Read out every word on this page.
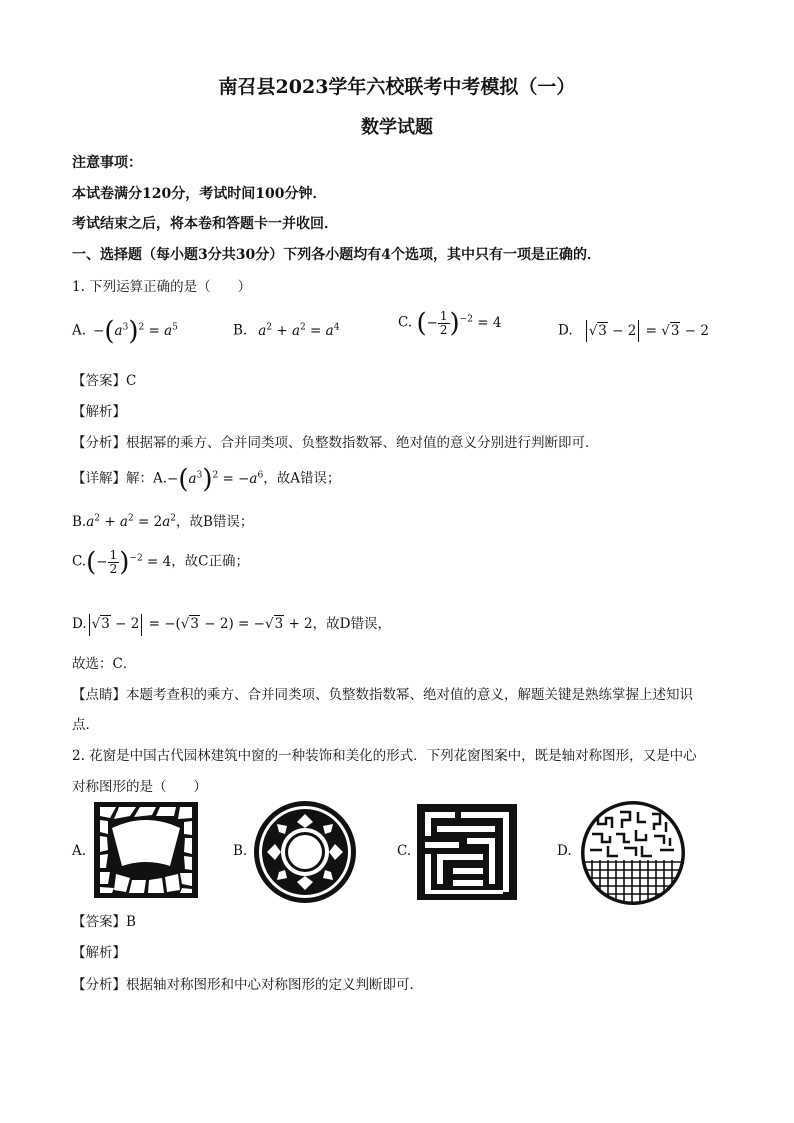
南召县2023学年六校联考中考模拟（一）
数学试题
注意事项：
本试卷满分120分，考试时间100分钟．
考试结束之后，将本卷和答题卡一并收回．
一、选择题（每小题3分共30分）下列各小题均有4个选项，其中只有一项是正确的．
1. 下列运算正确的是（　　）
A.  $-(a^3)^2 = a^5$	B.  $a^2 + a^2 = a^4$	C. (− $\frac{1}{2} )^{-2} = 4$	D.   √3 − 2 = √3 − 2
【答案】C
【解析】
【分析】根据幂的乘方、合并同类项、负整数指数幂、绝对值的意义分别进行判断即可．
【详解】解：$A.-(a^3)^2 = -a^6$，故A错误；
$B.a^2 + a^2 = 2a^2$，故B错误；
$C.(- \frac{1}{2} )^{-2} = 4$，故C正确；
D. √3 − 2 = −(√3 − 2) = −√3 + 2，故D错误，
故选：C．
【点睛】本题考查积的乘方、合并同类项、负整数指数幂、绝对值的意义，解题关键是熟练掌握上述知识
点．
2. 花窗是中国古代园林建筑中窗的一种装饰和美化的形式．下列花窗图案中，既是轴对称图形，又是中心
对称图形的是（　　）
A.	B.	C.	D.
【答案】B
【解析】
【分析】根据轴对称图形和中心对称图形的定义判断即可．
